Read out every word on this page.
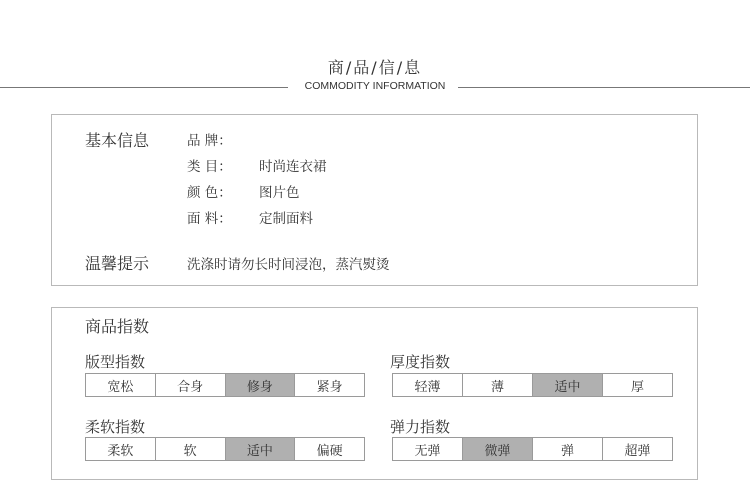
商/品/信/息
COMMODITY INFORMATION
基本信息	品 牌：
类 目： 时尚连衣裙
颜 色： 图片色
面 料： 定制面料
温馨提示	洗涤时请勿长时间浸泡，蒸汽熨烫
商品指数
版型指数
宽松	合身	修身	紧身
厚度指数
轻薄	薄	适中	厚
柔软指数
柔软	软	适中	偏硬
弹力指数
无弹	微弹	弹	超弹
